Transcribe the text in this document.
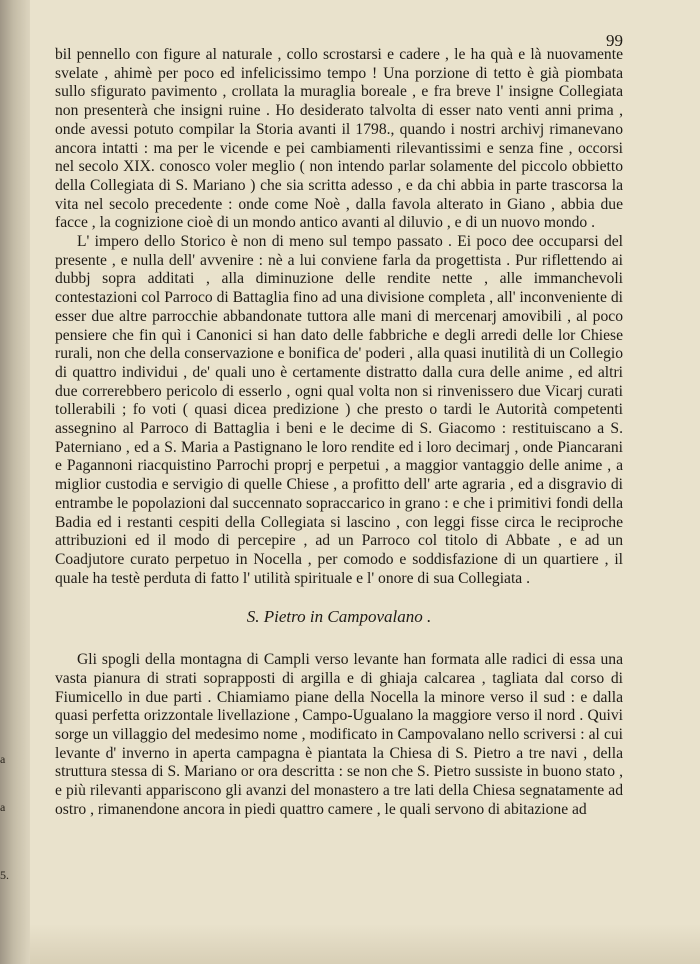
a
a
5.
99

bil pennello con figure al naturale , collo scrostarsi e cadere , le ha quà e là nuovamente svelate , ahimè per poco ed infelicissimo tempo ! Una porzione di tetto è già piombata sullo sfigurato pavimento , crollata la muraglia boreale , e fra breve l' insigne Collegiata non presenterà che insigni ruine . Ho desiderato talvolta di esser nato venti anni prima , onde avessi potuto compilar la Storia avanti il 1798., quando i nostri archivj rimanevano ancora intatti : ma per le vicende e pei cambiamenti rilevantissimi e senza fine , occorsi nel secolo XIX. conosco voler meglio ( non intendo parlar solamente del piccolo obbietto della Collegiata di S. Mariano ) che sia scritta adesso , e da chi abbia in parte trascorsa la vita nel secolo precedente : onde come Noè , dalla favola alterato in Giano , abbia due facce , la cognizione cioè di un mondo antico avanti al diluvio , e di un nuovo mondo .

L' impero dello Storico è non di meno sul tempo passato . Ei poco dee occuparsi del presente , e nulla dell' avvenire : nè a lui conviene farla da progettista . Pur riflettendo ai dubbj sopra additati , alla diminuzione delle rendite nette , alle immanchevoli contestazioni col Parroco di Battaglia fino ad una divisione completa , all' inconveniente di esser due altre parrocchie abbandonate tuttora alle mani di mercenarj amovibili , al poco pensiere che fin quì i Canonici si han dato delle fabbriche e degli arredi delle lor Chiese rurali, non che della conservazione e bonifica de' poderi , alla quasi inutilità di un Collegio di quattro individui , de' quali uno è certamente distratto dalla cura delle anime , ed altri due correrebbero pericolo di esserlo , ogni qual volta non si rinvenissero due Vicarj curati tollerabili ; fo voti ( quasi dicea predizione ) che presto o tardi le Autorità competenti assegnino al Parroco di Battaglia i beni e le decime di S. Giacomo : restituiscano a S. Paterniano , ed a S. Maria a Pastignano le loro rendite ed i loro decimarj , onde Piancarani e Pagannoni riacquistino Parrochi proprj e perpetui , a maggior vantaggio delle anime , a miglior custodia e servigio di quelle Chiese , a profitto dell' arte agraria , ed a disgravio di entrambe le popolazioni dal succennato sopraccarico in grano : e che i primitivi fondi della Badia ed i restanti cespiti della Collegiata si lascino , con leggi fisse circa le reciproche attribuzioni ed il modo di percepire , ad un Parroco col titolo di Abbate , e ad un Coadjutore curato perpetuo in Nocella , per comodo e soddisfazione di un quartiere , il quale ha testè perduta di fatto l' utilità spirituale e l' onore di sua Collegiata .

S. Pietro in Campovalano .

Gli spogli della montagna di Campli verso levante han formata alle radici di essa una vasta pianura di strati soprapposti di argilla e di ghiaja calcarea , tagliata dal corso di Fiumicello in due parti . Chiamiamo piane della Nocella la minore verso il sud : e dalla quasi perfetta orizzontale livellazione , Campo-Ugualano la maggiore verso il nord . Quivi sorge un villaggio del medesimo nome , modificato in Campovalano nello scriversi : al cui levante d' inverno in aperta campagna è piantata la Chiesa di S. Pietro a tre navi , della struttura stessa di S. Mariano or ora descritta : se non che S. Pietro sussiste in buono stato , e più rilevanti appariscono gli avanzi del monastero a tre lati della Chiesa segnatamente ad ostro , rimanendone ancora in piedi quattro camere , le quali servono di abitazione ad
